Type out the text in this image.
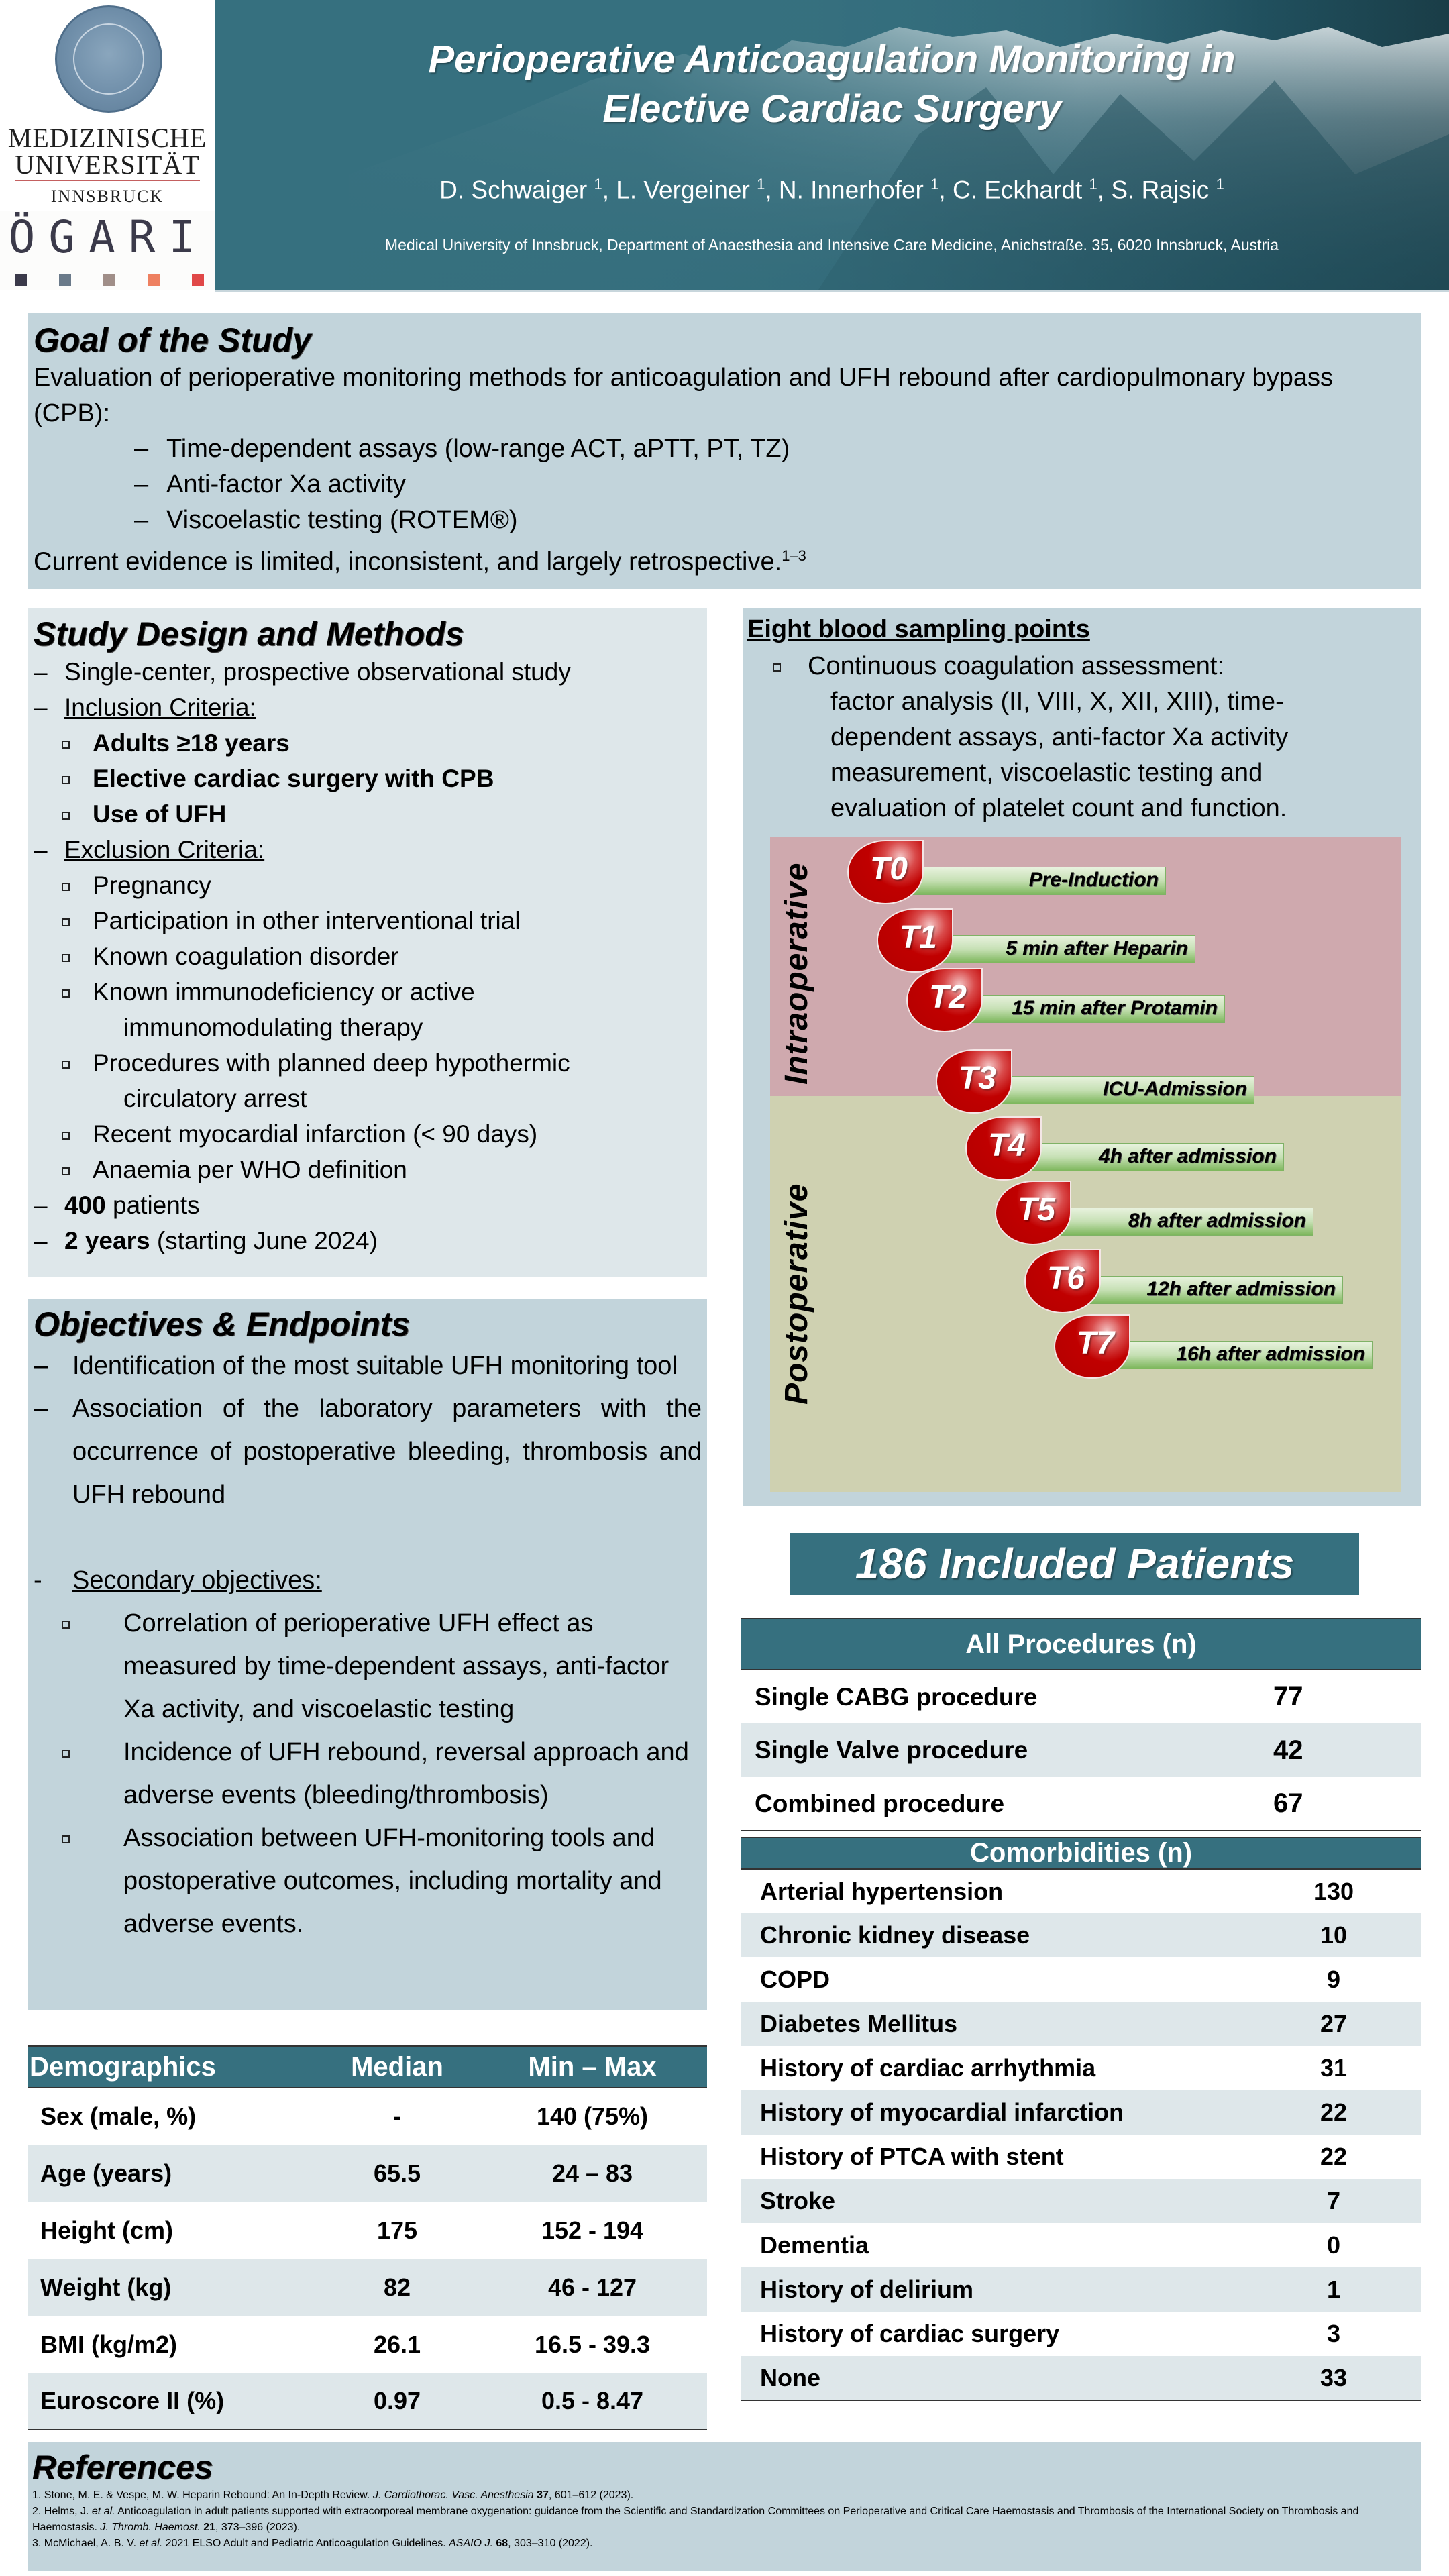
MEDIZINISCHE
UNIVERSITÄT
INNSBRUCK
ÖGARI
Perioperative Anticoagulation Monitoring in
Elective Cardiac Surgery
D. Schwaiger $^1$, L. Vergeiner $^1$, N. Innerhofer $^1$, C. Eckhardt $^1$, S. Rajsic $^1$
Medical University of Innsbruck, Department of Anaesthesia and Intensive Care Medicine, Anichstraße. 35, 6020 Innsbruck, Austria
Goal of the Study
Evaluation of perioperative monitoring methods for anticoagulation and UFH rebound after cardiopulmonary bypass (CPB):
– Time-dependent assays (low-range ACT, aPTT, PT, TZ)
– Anti-factor Xa activity
– Viscoelastic testing (ROTEM®)
Current evidence is limited, inconsistent, and largely retrospective.$^{1-3}$
Study Design and Methods
– Single-center, prospective observational study
– Inclusion Criteria:
Adults ≥18 years
Elective cardiac surgery with CPB
Use of UFH
– Exclusion Criteria:
Pregnancy
Participation in other interventional trial
Known coagulation disorder
Known immunodeficiency or active
immunomodulating therapy
Procedures with planned deep hypothermic
circulatory arrest
Recent myocardial infarction (< 90 days)
Anaemia per WHO definition
– 400 patients
– 2 years (starting June 2024)
Eight blood sampling points
Continuous coagulation assessment:
factor analysis (II, VIII, X, XII, XIII), time-
dependent assays, anti-factor Xa activity
measurement, viscoelastic testing and
evaluation of platelet count and function.
Intraoperative
Postoperative
Pre-Induction
T0
5 min after Heparin
T1
15 min after Protamin
T2
ICU-Admission
T3
4h after admission
T4
8h after admission
T5
12h after admission
T6
16h after admission
T7
Objectives & Endpoints
– Identification of the most suitable UFH monitoring tool
– Association of the laboratory parameters with the occurrence of postoperative bleeding, thrombosis and UFH rebound

-	Secondary objectives:
Correlation of perioperative UFH effect as measured by time-dependent assays, anti-factor Xa activity, and viscoelastic testing
Incidence of UFH rebound, reversal approach and adverse events (bleeding/thrombosis)
Association between UFH-monitoring tools and postoperative outcomes, including mortality and adverse events.
Demographics	Median	Min – Max
Sex (male, %)	-	140 (75%)
Age (years)	65.5	24 – 83
Height (cm)	175	152 - 194
Weight (kg)	82	46 - 127
BMI (kg/m2)	26.1	16.5 - 39.3
Euroscore II (%)	0.97	0.5 - 8.47
186 Included Patients
All Procedures (n)	
Single CABG procedure	77
Single Valve procedure	42
Combined procedure	67
Comorbidities (n)	
Arterial hypertension	130
Chronic kidney disease	10
COPD	9
Diabetes Mellitus	27
History of cardiac arrhythmia	31
History of myocardial infarction	22
History of PTCA with stent	22
Stroke	7
Dementia	0
History of delirium	1
History of cardiac surgery	3
None	33
References
1. Stone, M. E. & Vespe, M. W. Heparin Rebound: An In-Depth Review. J. Cardiothorac. Vasc. Anesthesia 37, 601–612 (2023).
2. Helms, J. et al. Anticoagulation in adult patients supported with extracorporeal membrane oxygenation: guidance from the Scientific and Standardization Committees on Perioperative and Critical Care Haemostasis and Thrombosis of the International Society on Thrombosis and Haemostasis. J. Thromb. Haemost. 21, 373–396 (2023).
3. McMichael, A. B. V. et al. 2021 ELSO Adult and Pediatric Anticoagulation Guidelines. ASAIO J. 68, 303–310 (2022).
